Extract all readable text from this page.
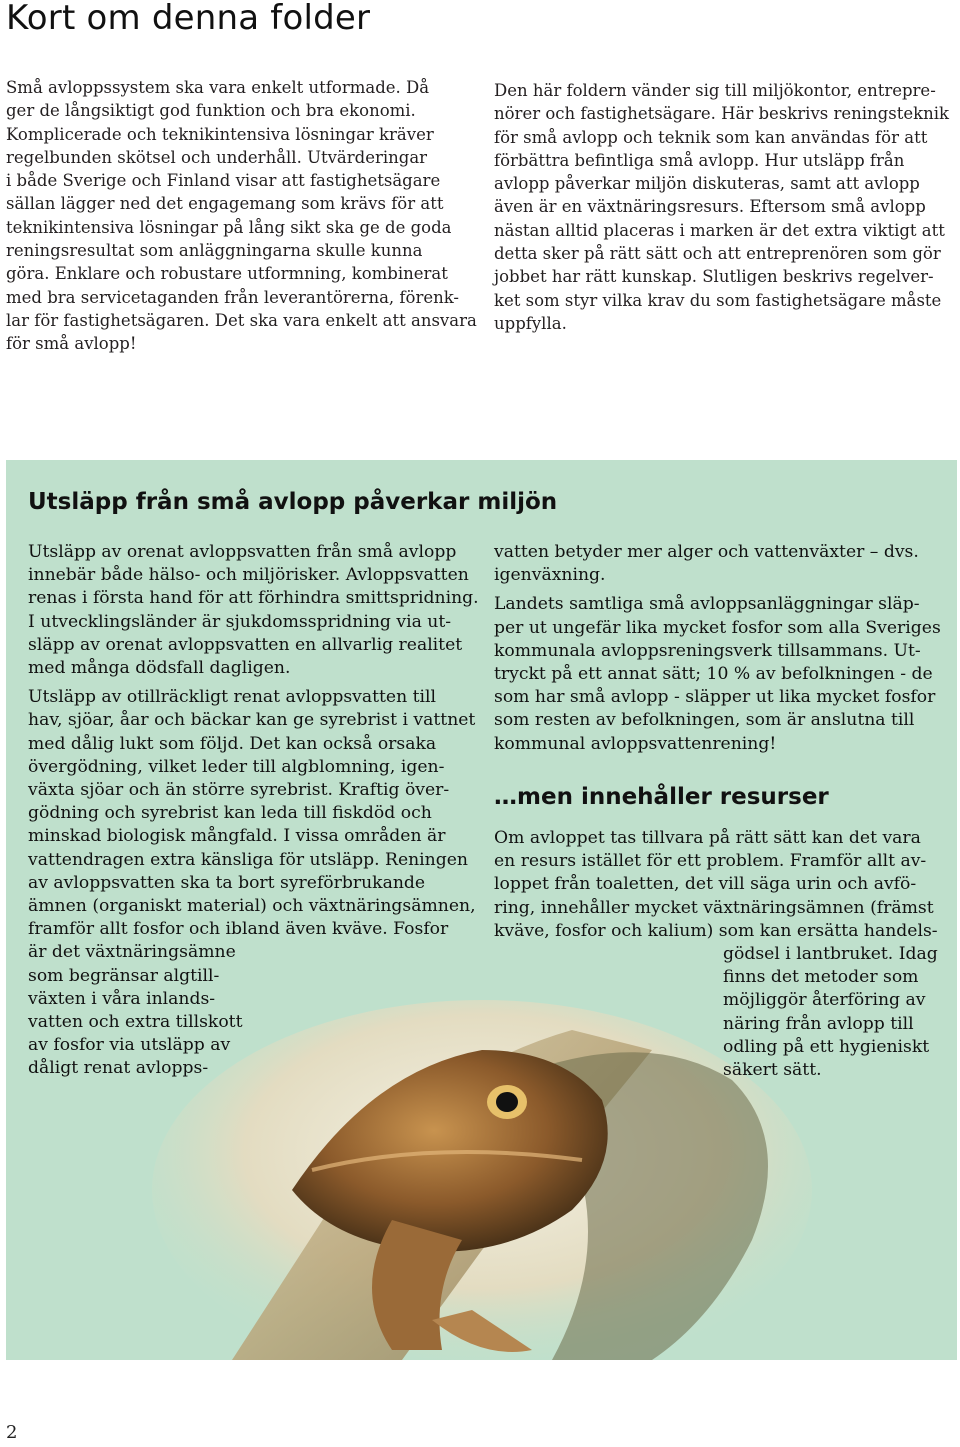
Kort om denna folder
Små avloppssystem ska vara enkelt utformade. Då
ger de långsiktigt god funktion och bra ekonomi.
Komplicerade och teknikintensiva lösningar kräver
regelbunden skötsel och underhåll. Utvärderingar
i både Sverige och Finland visar att fastighetsägare
sällan lägger ned det engagemang som krävs för att
teknikintensiva lösningar på lång sikt ska ge de goda
reningsresultat som anläggningarna skulle kunna
göra. Enklare och robustare utformning, kombinerat
med bra servicetaganden från leverantörerna, förenk-
lar för fastighetsägaren. Det ska vara enkelt att ansvara
för små avlopp!
Den här foldern vänder sig till miljökontor, entrepre-
nörer och fastighetsägare. Här beskrivs reningsteknik
för små avlopp och teknik som kan användas för att
förbättra befintliga små avlopp. Hur utsläpp från
avlopp påverkar miljön diskuteras, samt att avlopp
även är en växtnäringsresurs. Eftersom små avlopp
nästan alltid placeras i marken är det extra viktigt att
detta sker på rätt sätt och att entreprenören som gör
jobbet har rätt kunskap. Slutligen beskrivs regelver-
ket som styr vilka krav du som fastighetsägare måste
uppfylla.
Utsläpp från små avlopp påverkar miljön
Utsläpp av orenat avloppsvatten från små avlopp
innebär både hälso- och miljörisker. Avloppsvatten
renas i första hand för att förhindra smittspridning.
I utvecklingsländer är sjukdomsspridning via ut-
släpp av orenat avloppsvatten en allvarlig realitet
med många dödsfall dagligen.
Utsläpp av otillräckligt renat avloppsvatten till
hav, sjöar, åar och bäckar kan ge syrebrist i vattnet
med dålig lukt som följd. Det kan också orsaka
övergödning, vilket leder till algblomning, igen-
växta sjöar och än större syrebrist. Kraftig över-
gödning och syrebrist kan leda till fiskdöd och
minskad biologisk mångfald. I vissa områden är
vattendragen extra känsliga för utsläpp. Reningen
av avloppsvatten ska ta bort syreförbrukande
ämnen (organiskt material) och växtnäringsämnen,
framför allt fosfor och ibland även kväve. Fosfor
är det växtnäringsämne
som begränsar algtill-
växten i våra inlands-
vatten och extra tillskott
av fosfor via utsläpp av
dåligt renat avlopps-
vatten betyder mer alger och vattenväxter – dvs.
igenväxning.
Landets samtliga små avloppsanläggningar släp-
per ut ungefär lika mycket fosfor som alla Sveriges
kommunala avloppsreningsverk tillsammans. Ut-
tryckt på ett annat sätt; 10 % av befolkningen - de
som har små avlopp - släpper ut lika mycket fosfor
som resten av befolkningen, som är anslutna till
kommunal avloppsvattenrening!
…men innehåller resurser
Om avloppet tas tillvara på rätt sätt kan det vara
en resurs istället för ett problem. Framför allt av-
loppet från toaletten, det vill säga urin och avfö-
ring, innehåller mycket växtnäringsämnen (främst
kväve, fosfor och kalium) som kan ersätta handels-
gödsel i lantbruket. Idag
finns det metoder som
möjliggör återföring av
näring från avlopp till
odling på ett hygieniskt
säkert sätt.
2
